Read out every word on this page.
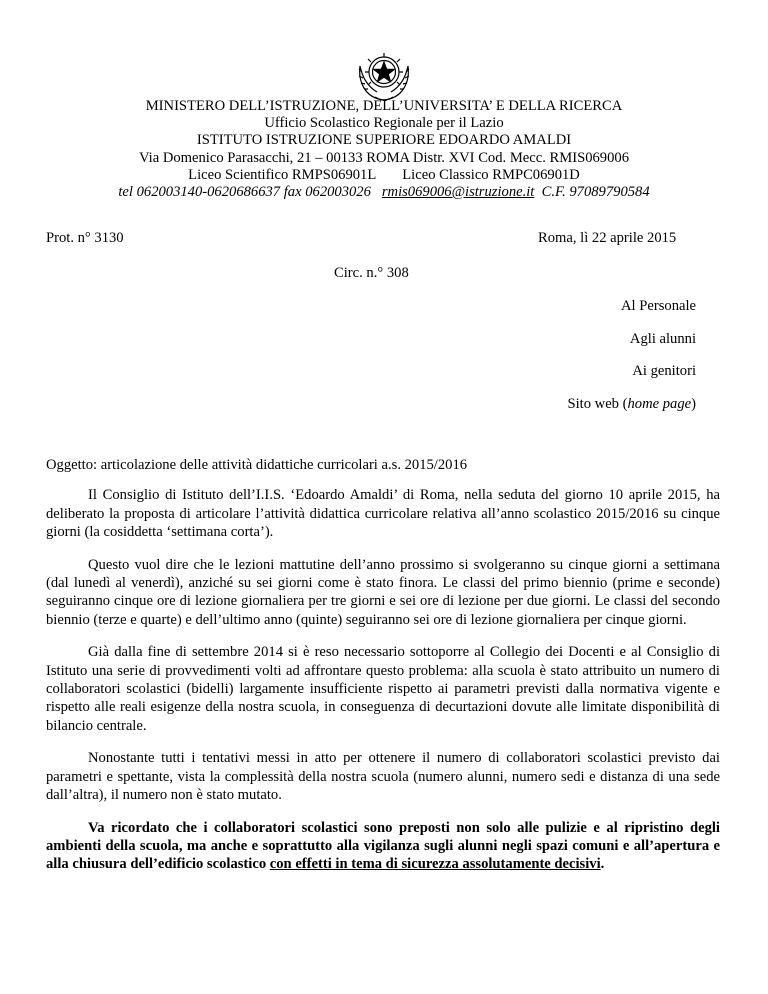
MINISTERO DELL’ISTRUZIONE, DELL’UNIVERSITA’ E DELLA RICERCA
Ufficio Scolastico Regionale per il Lazio
ISTITUTO ISTRUZIONE SUPERIORE EDOARDO AMALDI
Via Domenico Parasacchi, 21 – 00133 ROMA Distr. XVI Cod. Mecc. RMIS069006
Liceo Scientifico RMPS06901L Liceo Classico RMPC06901D
tel 062003140-0620686637 fax 062003026 rmis069006@istruzione.it C.F. 97089790584
Prot. n° 3130	Roma, lì 22 aprile 2015
Circ. n.° 308
Al Personale
Agli alunni
Ai genitori
Sito web (home page)

Oggetto: articolazione delle attività didattiche curricolari a.s. 2015/2016

Il Consiglio di Istituto dell’I.I.S. ‘Edoardo Amaldi’ di Roma, nella seduta del giorno 10 aprile 2015, ha deliberato la proposta di articolare l’attività didattica curricolare relativa all’anno scolastico 2015/2016 su cinque giorni (la cosiddetta ‘settimana corta’).

Questo vuol dire che le lezioni mattutine dell’anno prossimo si svolgeranno su cinque giorni a settimana (dal lunedì al venerdì), anziché su sei giorni come è stato finora. Le classi del primo biennio (prime e seconde) seguiranno cinque ore di lezione giornaliera per tre giorni e sei ore di lezione per due giorni. Le classi del secondo biennio (terze e quarte) e dell’ultimo anno (quinte) seguiranno sei ore di lezione giornaliera per cinque giorni.

Già dalla fine di settembre 2014 si è reso necessario sottoporre al Collegio dei Docenti e al Consiglio di Istituto una serie di provvedimenti volti ad affrontare questo problema: alla scuola è stato attribuito un numero di collaboratori scolastici (bidelli) largamente insufficiente rispetto ai parametri previsti dalla normativa vigente e rispetto alle reali esigenze della nostra scuola, in conseguenza di decurtazioni dovute alle limitate disponibilità di bilancio centrale.

Nonostante tutti i tentativi messi in atto per ottenere il numero di collaboratori scolastici previsto dai parametri e spettante, vista la complessità della nostra scuola (numero alunni, numero sedi e distanza di una sede dall’altra), il numero non è stato mutato.

Va ricordato che i collaboratori scolastici sono preposti non solo alle pulizie e al ripristino degli ambienti della scuola, ma anche e soprattutto alla vigilanza sugli alunni negli spazi comuni e all’apertura e alla chiusura dell’edificio scolastico con effetti in tema di sicurezza assolutamente decisivi.
